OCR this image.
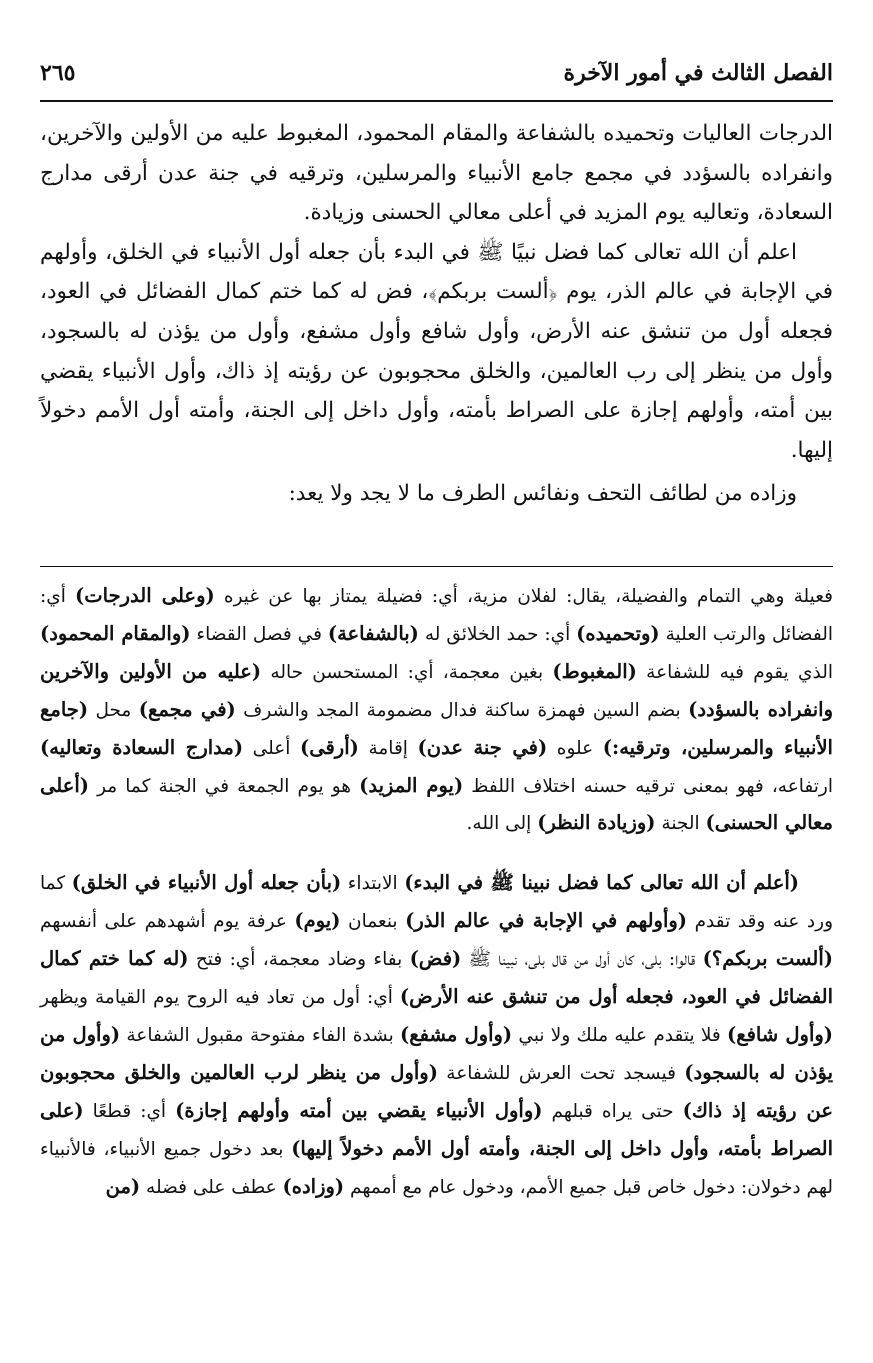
الفصل الثالث في أمور الآخرة
٢٦٥

الدرجات العاليات وتحميده بالشفاعة والمقام المحمود، المغبوط عليه من الأولين والآخرين، وانفراده بالسؤدد في مجمع جامع الأنبياء والمرسلين، وترقيه في جنة عدن أرقى مدارج السعادة، وتعاليه يوم المزيد في أعلى معالي الحسنى وزيادة.

اعلم أن الله تعالى كما فضل نبيًا ﷺ في البدء بأن جعله أول الأنبياء في الخلق، وأولهم في الإجابة في عالم الذر، يوم ﴿ألست بربكم﴾، فض له كما ختم كمال الفضائل في العود، فجعله أول من تنشق عنه الأرض، وأول شافع وأول مشفع، وأول من يؤذن له بالسجود، وأول من ينظر إلى رب العالمين، والخلق محجوبون عن رؤيته إذ ذاك، وأول الأنبياء يقضي بين أمته، وأولهم إجازة على الصراط بأمته، وأول داخل إلى الجنة، وأمته أول الأمم دخولاً إليها.

وزاده من لطائف التحف ونفائس الطرف ما لا يجد ولا يعد:

فعيلة وهي التمام والفضيلة، يقال: لفلان مزية، أي: فضيلة يمتاز بها عن غيره (وعلى الدرجات) أي: الفضائل والرتب العلية (وتحميده) أي: حمد الخلائق له (بالشفاعة) في فصل القضاء (والمقام المحمود) الذي يقوم فيه للشفاعة (المغبوط) بغين معجمة، أي: المستحسن حاله (عليه من الأولين والآخرين وانفراده بالسؤدد) بضم السين فهمزة ساكنة فدال مضمومة المجد والشرف (في مجمع) محل (جامع الأنبياء والمرسلين، وترقيه:) علوه (في جنة عدن) إقامة (أرقى) أعلى (مدارج السعادة وتعاليه) ارتفاعه، فهو بمعنى ترقيه حسنه اختلاف اللفظ (يوم المزيد) هو يوم الجمعة في الجنة كما مر (أعلى معالي الحسنى) الجنة (وزيادة النظر) إلى الله.

(أعلم أن الله تعالى كما فضل نبينا ﷺ في البدء) الابتداء (بأن جعله أول الأنبياء في الخلق) كما ورد عنه وقد تقدم (وأولهم في الإجابة في عالم الذر) بنعمان (يوم) عرفة يوم أشهدهم على أنفسهم (ألست بربكم؟) قالوا: بلى، كان أول من قال بلى، نبينا ﷺ (فض) بفاء وضاد معجمة، أي: فتح (له كما ختم كمال الفضائل في العود، فجعله أول من تنشق عنه الأرض) أي: أول من تعاد فيه الروح يوم القيامة ويظهر (وأول شافع) فلا يتقدم عليه ملك ولا نبي (وأول مشفع) بشدة الفاء مفتوحة مقبول الشفاعة (وأول من يؤذن له بالسجود) فيسجد تحت العرش للشفاعة (وأول من ينظر لرب العالمين والخلق محجوبون عن رؤيته إذ ذاك) حتى يراه قبلهم (وأول الأنبياء يقضي بين أمته وأولهم إجازة) أي: قطعًا (على الصراط بأمته، وأول داخل إلى الجنة، وأمته أول الأمم دخولاً إليها) بعد دخول جميع الأنبياء، فالأنبياء لهم دخولان: دخول خاص قبل جميع الأمم، ودخول عام مع أممهم (وزاده) عطف على فضله (من
